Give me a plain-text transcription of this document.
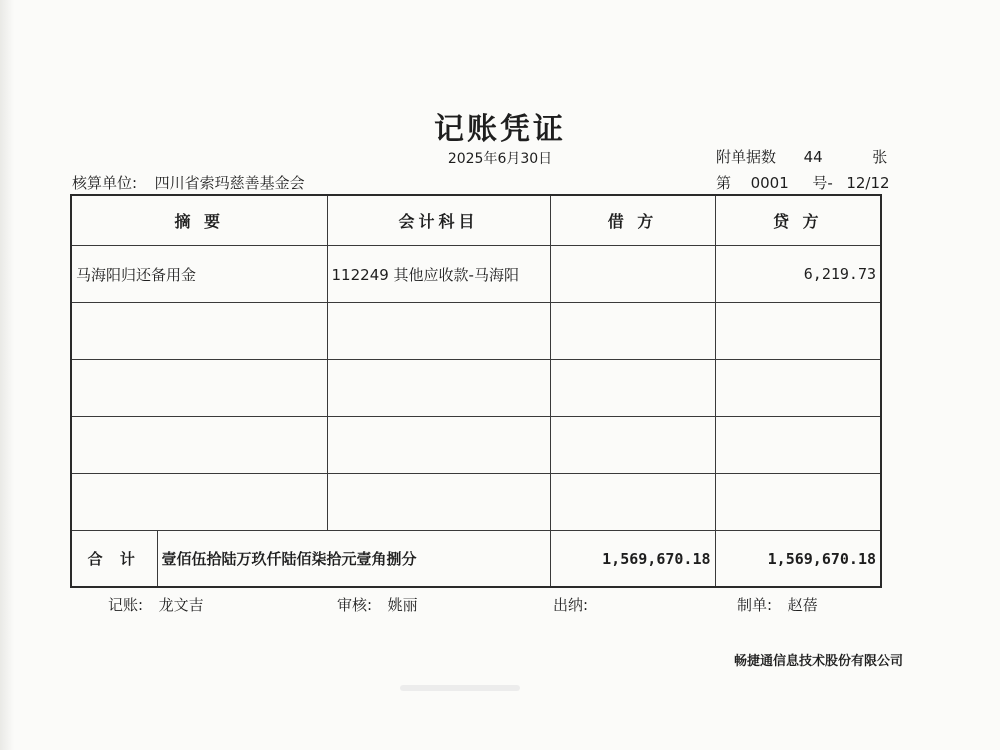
记账凭证
2025年6月30日
核算单位: 四川省索玛慈善基金会
附单据数 44	张
第 0001 号- 12/12
摘 要		会计科目	借 方	贷 方
马海阳归还备用金		112249 其他应收款-马海阳		6,219.73

合 计	壹佰伍拾陆万玖仟陆佰柒拾元壹角捌分		1,569,670.18	1,569,670.18
记账: 龙文吉	审核: 姚丽	出纳:	制单: 赵蓓
畅捷通信息技术股份有限公司
